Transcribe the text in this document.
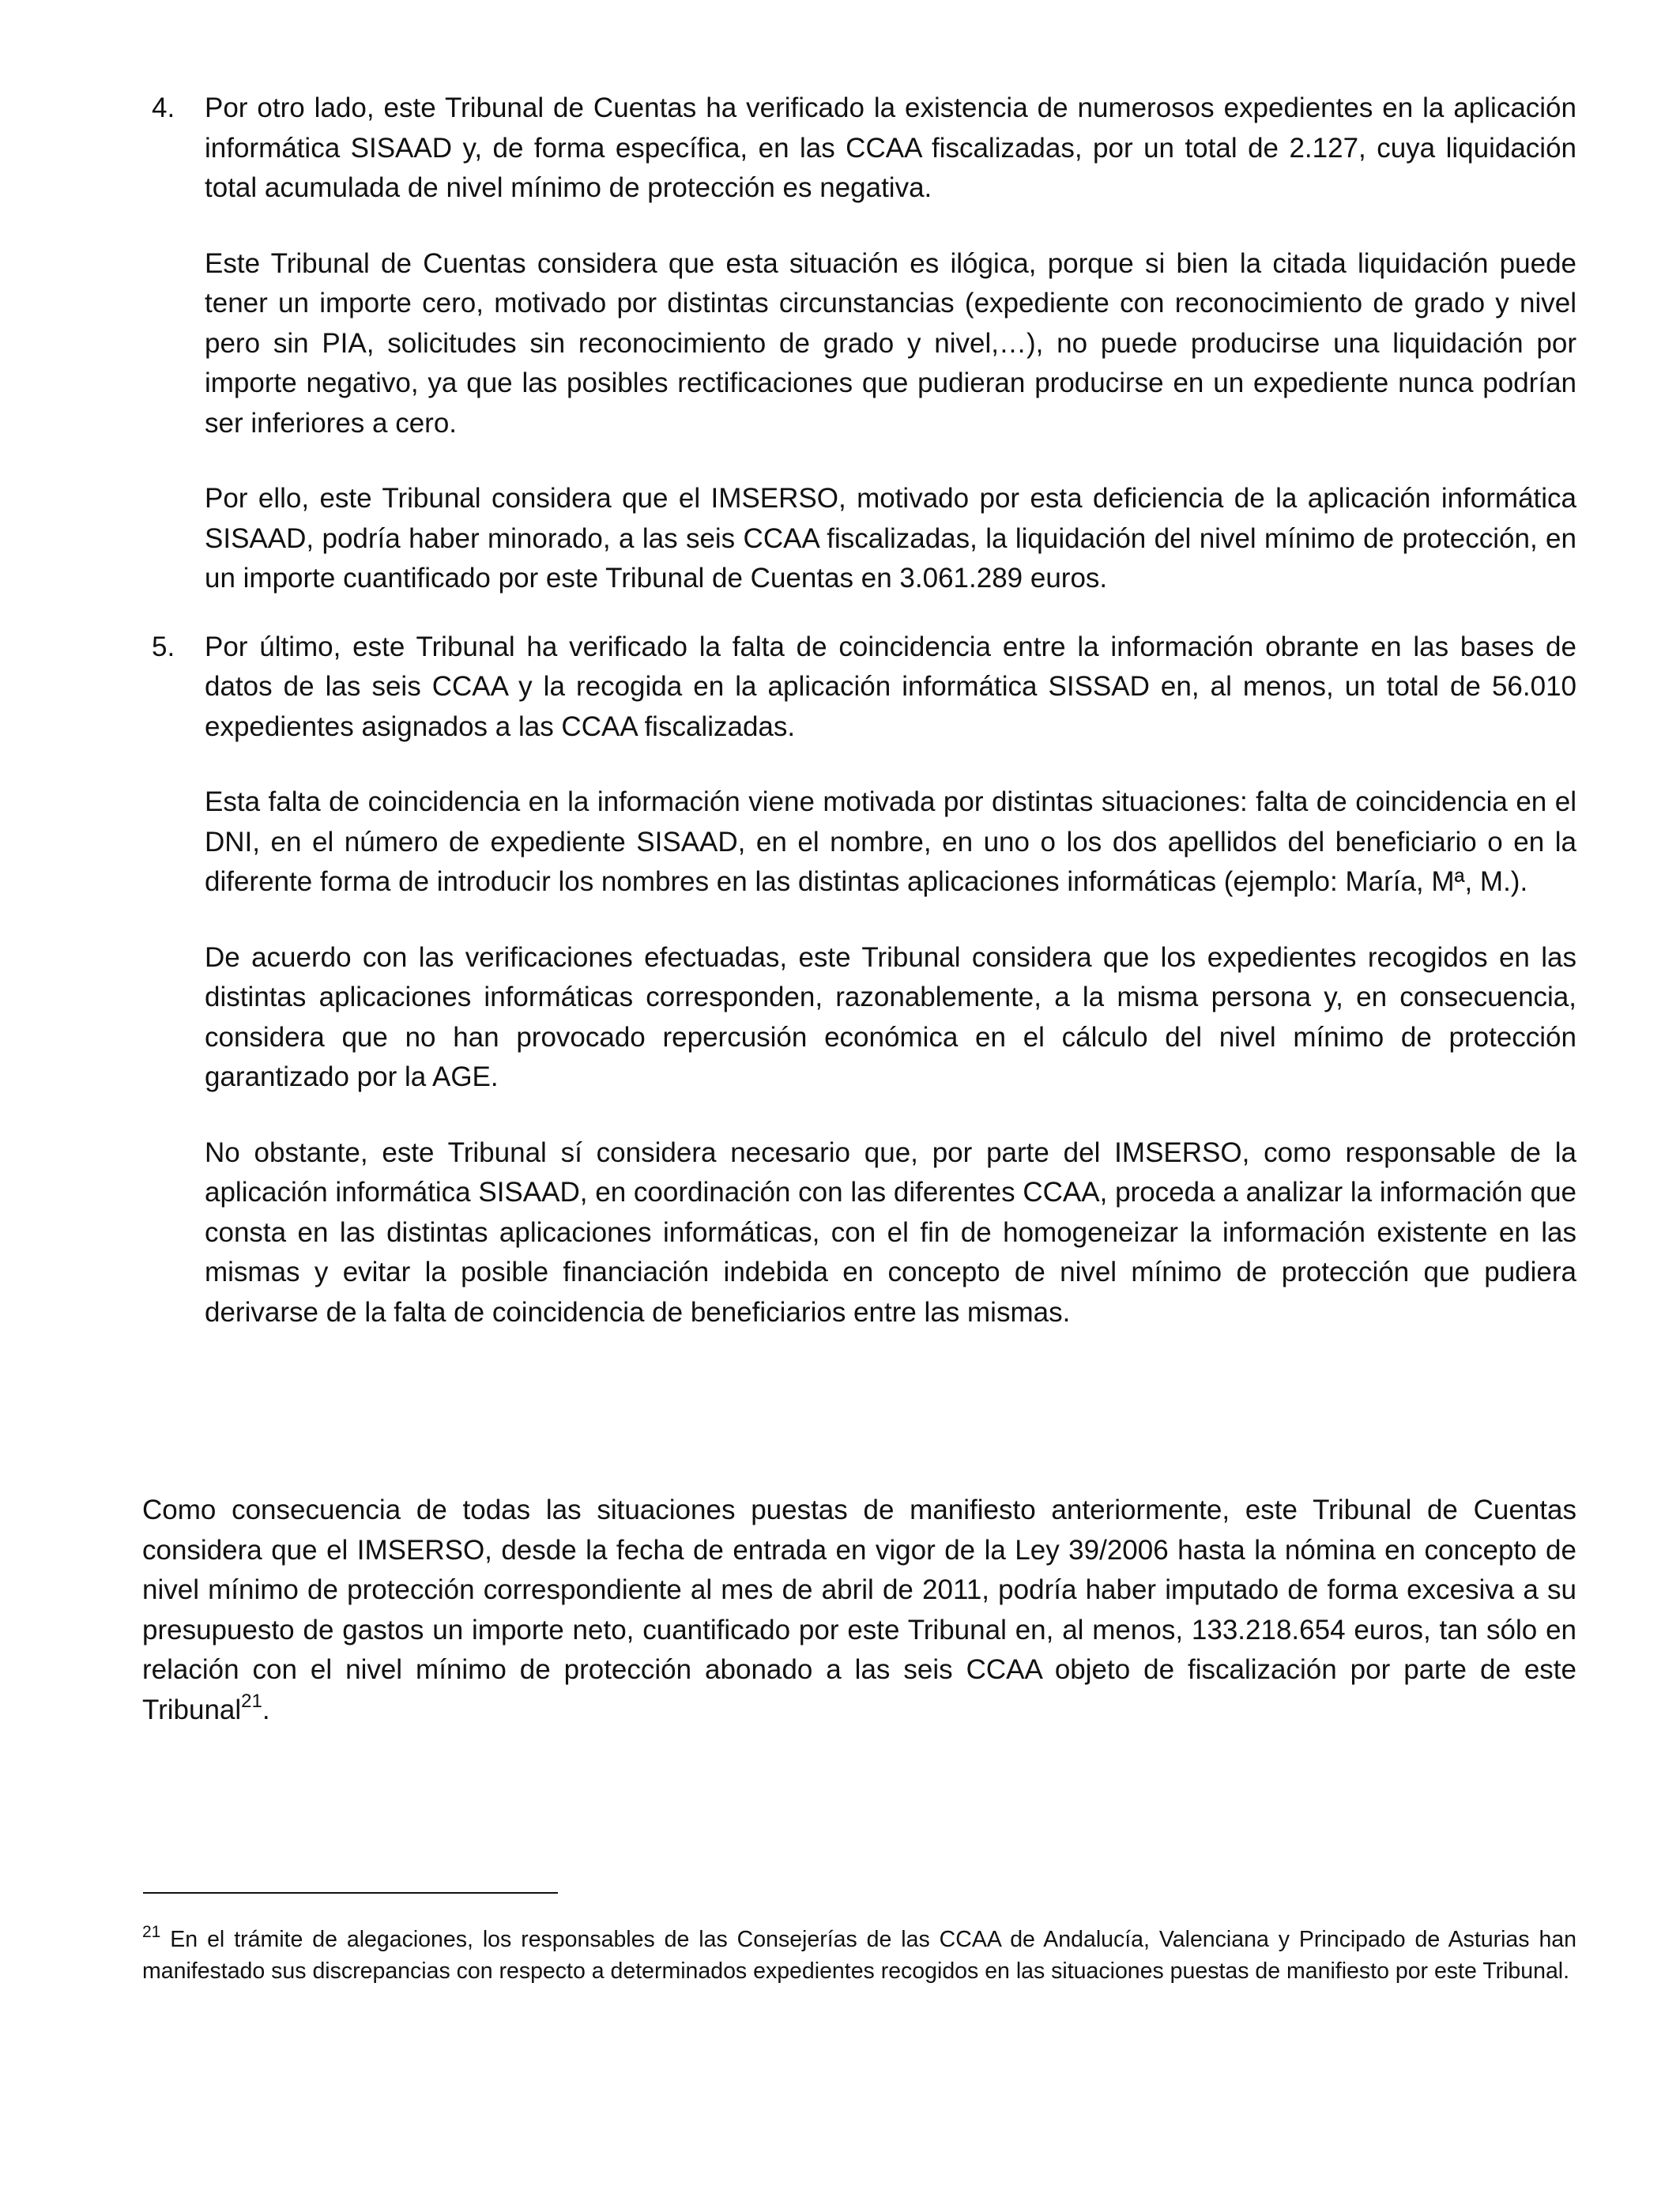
4. Por otro lado, este Tribunal de Cuentas ha verificado la existencia de numerosos expedientes en la aplicación informática SISAAD y, de forma específica, en las CCAA fiscalizadas, por un total de 2.127, cuya liquidación total acumulada de nivel mínimo de protección es negativa.

Este Tribunal de Cuentas considera que esta situación es ilógica, porque si bien la citada liquidación puede tener un importe cero, motivado por distintas circunstancias (expediente con reconocimiento de grado y nivel pero sin PIA, solicitudes sin reconocimiento de grado y nivel,…), no puede producirse una liquidación por importe negativo, ya que las posibles rectificaciones que pudieran producirse en un expediente nunca podrían ser inferiores a cero.

Por ello, este Tribunal considera que el IMSERSO, motivado por esta deficiencia de la aplicación informática SISAAD, podría haber minorado, a las seis CCAA fiscalizadas, la liquidación del nivel mínimo de protección, en un importe cuantificado por este Tribunal de Cuentas en 3.061.289 euros.

5. Por último, este Tribunal ha verificado la falta de coincidencia entre la información obrante en las bases de datos de las seis CCAA y la recogida en la aplicación informática SISSAD en, al menos, un total de 56.010 expedientes asignados a las CCAA fiscalizadas.

Esta falta de coincidencia en la información viene motivada por distintas situaciones: falta de coincidencia en el DNI, en el número de expediente SISAAD, en el nombre, en uno o los dos apellidos del beneficiario o en la diferente forma de introducir los nombres en las distintas aplicaciones informáticas (ejemplo: María, Mª, M.).

De acuerdo con las verificaciones efectuadas, este Tribunal considera que los expedientes recogidos en las distintas aplicaciones informáticas corresponden, razonablemente, a la misma persona y, en consecuencia, considera que no han provocado repercusión económica en el cálculo del nivel mínimo de protección garantizado por la AGE.

No obstante, este Tribunal sí considera necesario que, por parte del IMSERSO, como responsable de la aplicación informática SISAAD, en coordinación con las diferentes CCAA, proceda a analizar la información que consta en las distintas aplicaciones informáticas, con el fin de homogeneizar la información existente en las mismas y evitar la posible financiación indebida en concepto de nivel mínimo de protección que pudiera derivarse de la falta de coincidencia de beneficiarios entre las mismas.

Como consecuencia de todas las situaciones puestas de manifiesto anteriormente, este Tribunal de Cuentas considera que el IMSERSO, desde la fecha de entrada en vigor de la Ley 39/2006 hasta la nómina en concepto de nivel mínimo de protección correspondiente al mes de abril de 2011, podría haber imputado de forma excesiva a su presupuesto de gastos un importe neto, cuantificado por este Tribunal en, al menos, 133.218.654 euros, tan sólo en relación con el nivel mínimo de protección abonado a las seis CCAA objeto de fiscalización por parte de este Tribunal$^{21}$.

$^{21}$ En el trámite de alegaciones, los responsables de las Consejerías de las CCAA de Andalucía, Valenciana y Principado de Asturias han manifestado sus discrepancias con respecto a determinados expedientes recogidos en las situaciones puestas de manifiesto por este Tribunal.
